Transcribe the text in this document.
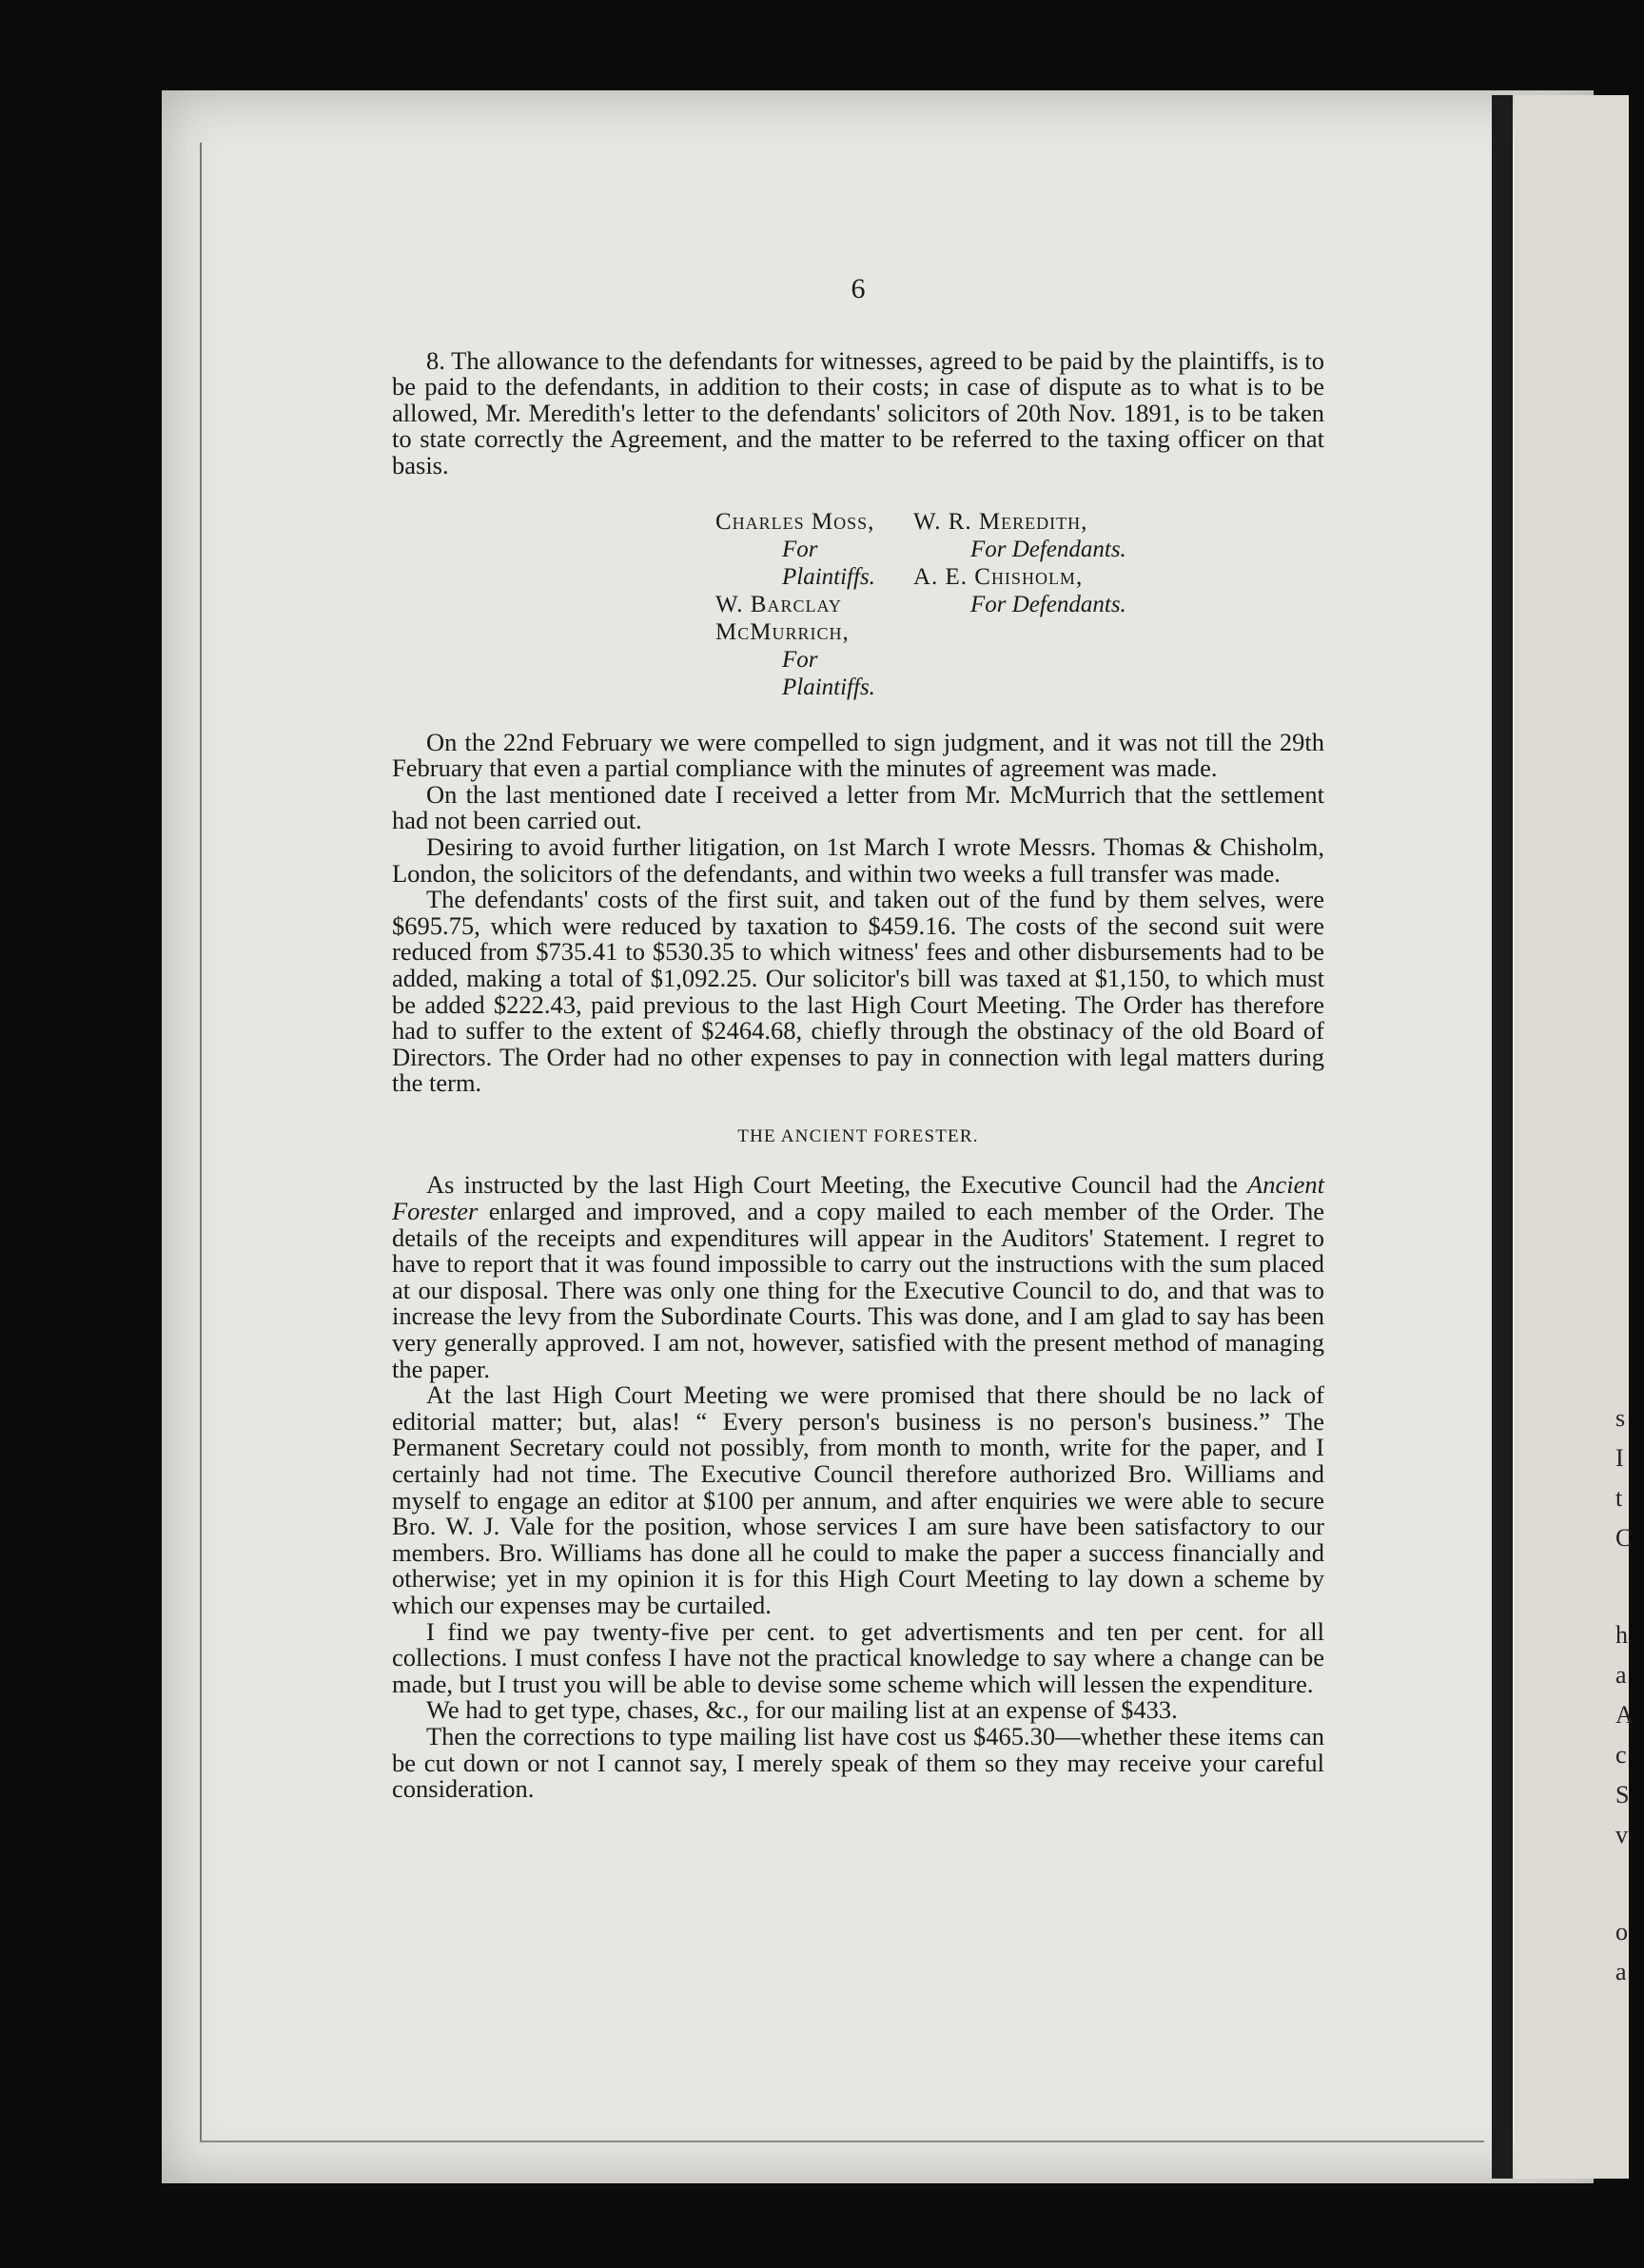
6

8. The allowance to the defendants for witnesses, agreed to be paid by the plaintiffs, is to be paid to the defendants, in addition to their costs; in case of dispute as to what is to be allowed, Mr. Meredith's letter to the defendants' solicitors of 20th Nov. 1891, is to be taken to state correctly the Agreement, and the matter to be referred to the taxing officer on that basis.

Charles Moss,
For Plaintiffs.
W. Barclay McMurrich,
For Plaintiffs.
W. R. Meredith,
For Defendants.
A. E. Chisholm,
For Defendants.

On the 22nd February we were compelled to sign judgment, and it was not till the 29th February that even a partial compliance with the minutes of agreement was made.

On the last mentioned date I received a letter from Mr. McMurrich that the settlement had not been carried out.

Desiring to avoid further litigation, on 1st March I wrote Messrs. Thomas & Chisholm, London, the solicitors of the defendants, and within two weeks a full transfer was made.

The defendants' costs of the first suit, and taken out of the fund by them selves, were $695.75, which were reduced by taxation to $459.16. The costs of the second suit were reduced from $735.41 to $530.35 to which witness' fees and other disbursements had to be added, making a total of $1,092.25. Our solicitor's bill was taxed at $1,150, to which must be added $222.43, paid previous to the last High Court Meeting. The Order has therefore had to suffer to the extent of $2464.68, chiefly through the obstinacy of the old Board of Directors. The Order had no other expenses to pay in connection with legal matters during the term.

THE ANCIENT FORESTER.

As instructed by the last High Court Meeting, the Executive Council had the Ancient Forester enlarged and improved, and a copy mailed to each member of the Order. The details of the receipts and expenditures will appear in the Auditors' Statement. I regret to have to report that it was found impossible to carry out the instructions with the sum placed at our disposal. There was only one thing for the Executive Council to do, and that was to increase the levy from the Subordinate Courts. This was done, and I am glad to say has been very generally approved. I am not, however, satisfied with the present method of managing the paper.

At the last High Court Meeting we were promised that there should be no lack of editorial matter; but, alas! “ Every person's business is no person's business.” The Permanent Secretary could not possibly, from month to month, write for the paper, and I certainly had not time. The Executive Council therefore authorized Bro. Williams and myself to engage an editor at $100 per annum, and after enquiries we were able to secure Bro. W. J. Vale for the position, whose services I am sure have been satisfactory to our members. Bro. Williams has done all he could to make the paper a success financially and otherwise; yet in my opinion it is for this High Court Meeting to lay down a scheme by which our expenses may be curtailed.

I find we pay twenty-five per cent. to get advertisments and ten per cent. for all collections. I must confess I have not the practical knowledge to say where a change can be made, but I trust you will be able to devise some scheme which will lessen the expenditure.

We had to get type, chases, &c., for our mailing list at an expense of $433.

Then the corrections to type mailing list have cost us $465.30—whether these items can be cut down or not I cannot say, I merely speak of them so they may receive your careful consideration.

s
I
t
C
h
a
A
c
S
v
o
a
